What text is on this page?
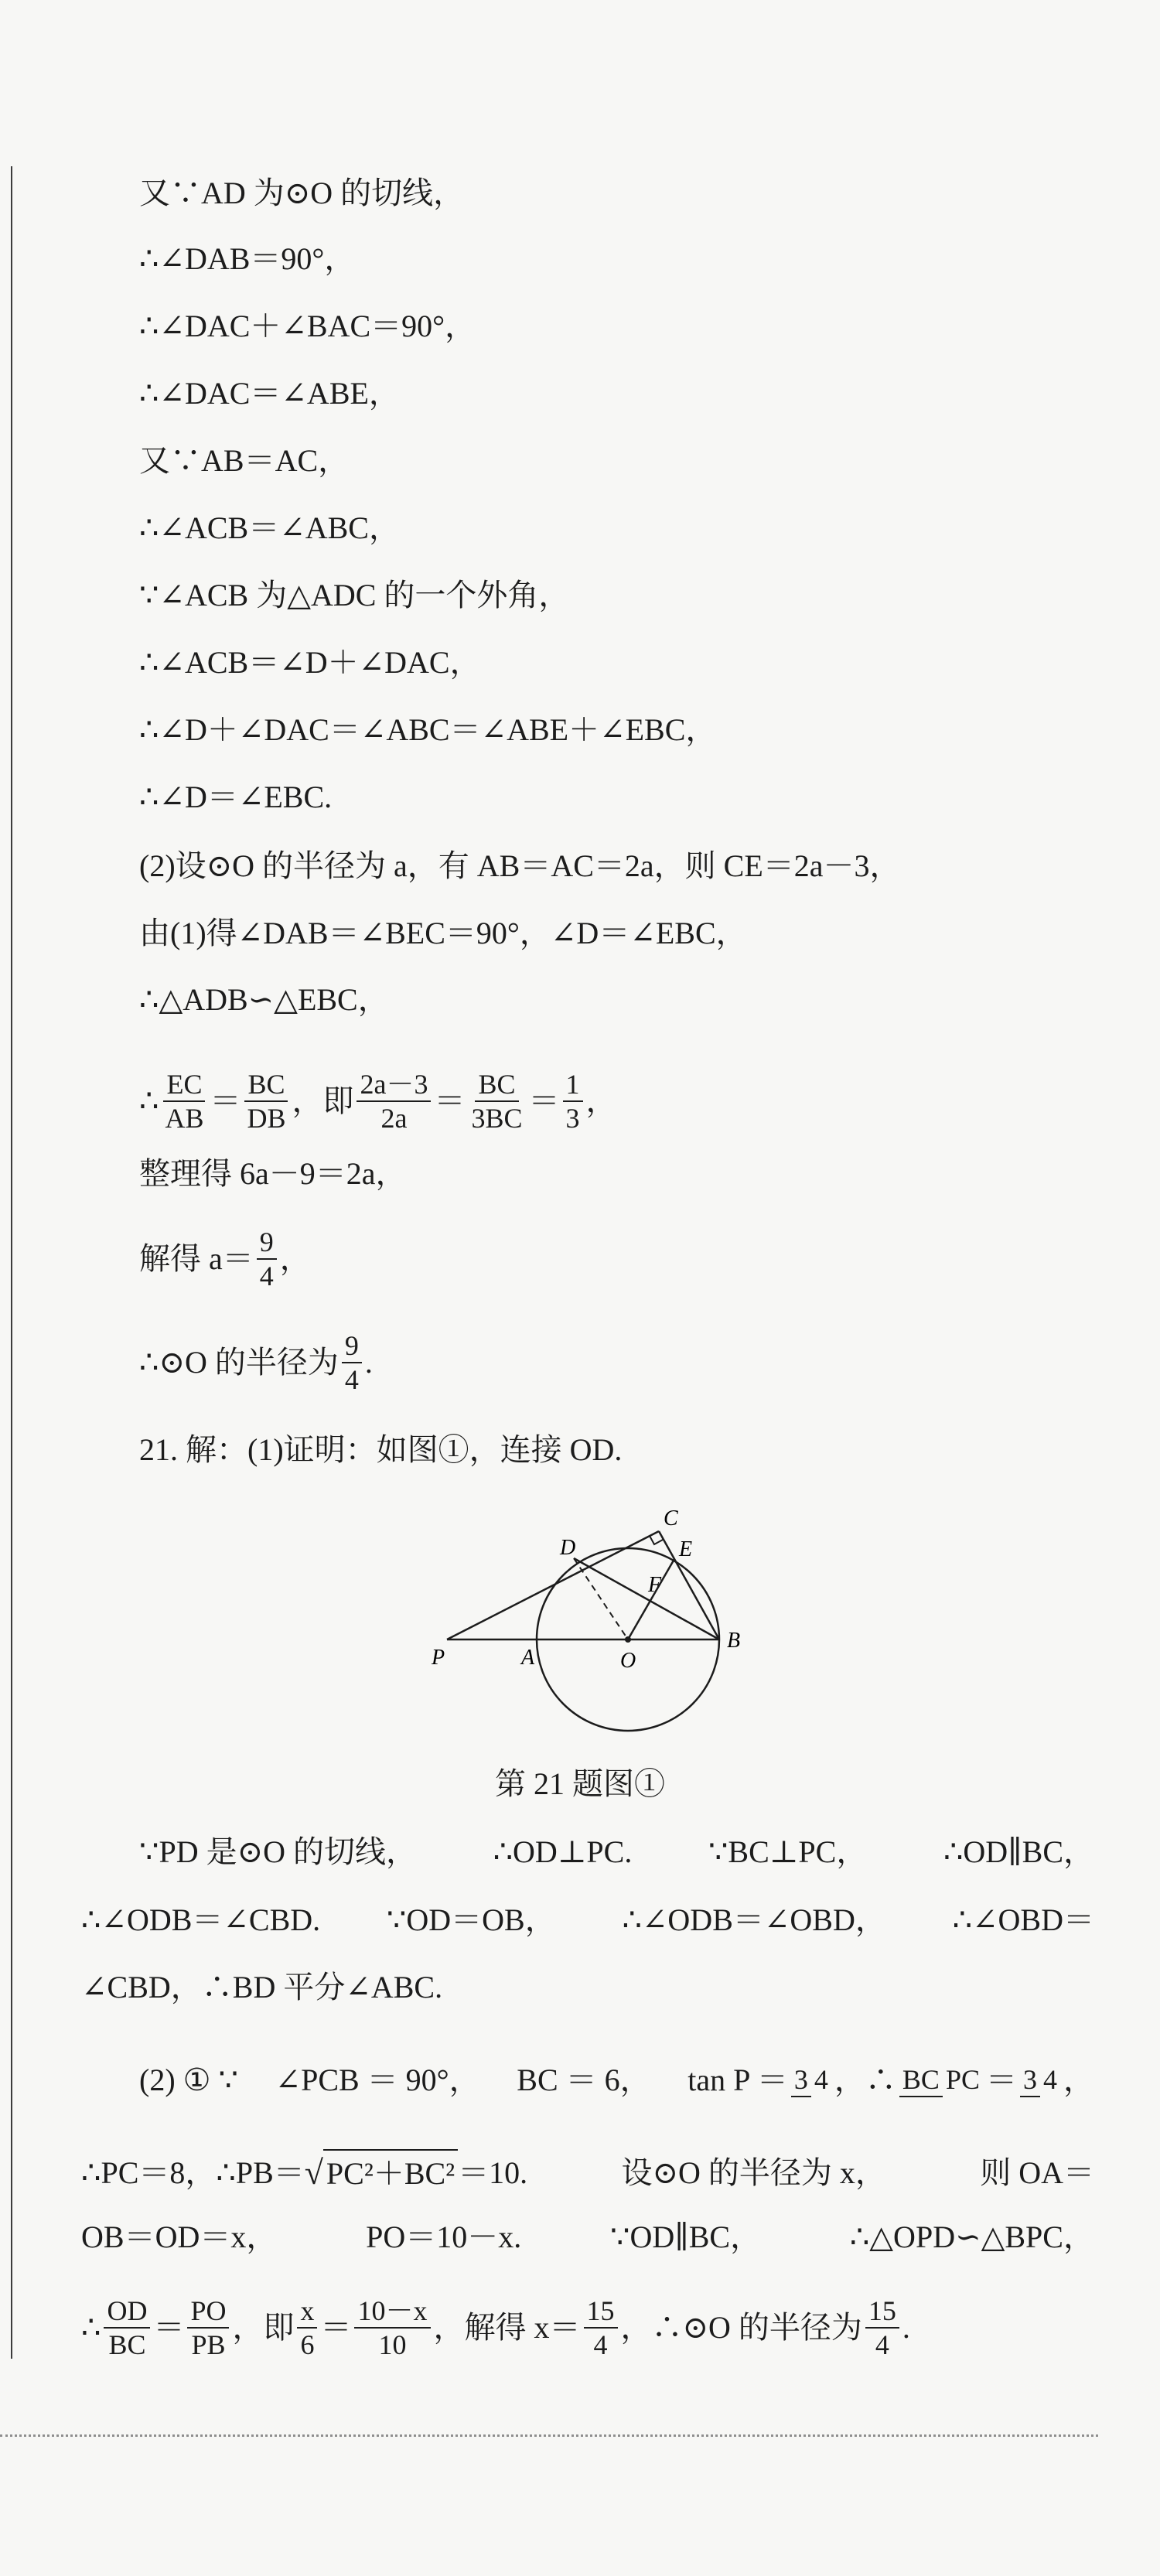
又∵AD 为⊙O 的切线，
∴∠DAB＝90°，
∴∠DAC＋∠BAC＝90°，
∴∠DAC＝∠ABE，
又∵AB＝AC，
∴∠ACB＝∠ABC，
∵∠ACB 为△ADC 的一个外角，
∴∠ACB＝∠D＋∠DAC，
∴∠D＋∠DAC＝∠ABC＝∠ABE＋∠EBC，
∴∠D＝∠EBC.
(2)设⊙O 的半径为 a，有 AB＝AC＝2a，则 CE＝2a－3，
由(1)得∠DAB＝∠BEC＝90°，∠D＝∠EBC，
∴△ADB∽△EBC，
∴ $\frac{EC}{AB} = \frac{BC}{DB}$ ，即 $\frac{2a-3}{2a} = \frac{BC}{3BC} = \frac{1}{3}$ ，
整理得 6a－9＝2a，
解得 $a= \frac{9}{4}$ ，
∴⊙O 的半径为 $\frac{9}{4}$ .
21. 解：(1)证明：如图①，连接 OD.
C
D	E
F
P	A	O
B
第 21 题图①
∵PD 是⊙O 的切线， ∴OD⊥PC. ∵BC⊥PC， ∴OD∥BC，
∴∠ODB＝∠CBD. ∵OD＝OB， ∴∠ODB＝∠OBD， ∴∠OBD＝
∠CBD，∴BD 平分∠ABC.
(2) ① ∵ ∠PCB ＝ 90°， BC ＝ 6， tan P ＝ 3 4 ，∴ BC PC ＝ 3 4 ，
∴PC＝8，∴PB＝ √ PC²＋BC² ＝10.	设⊙O 的半径为 x，	则 OA＝
OB＝OD＝x，	PO＝10－x.	∵OD∥BC，	∴△OPD∽△BPC，
∴ $\frac{OD}{BC} = \frac{PO}{PB}$ ，即 $\frac{x}{6} = \frac{10-x}{10}$ ，解得 $x= \frac{15}{4}$ ，∴⊙O 的半径为 $\frac{15}{4}$ .
